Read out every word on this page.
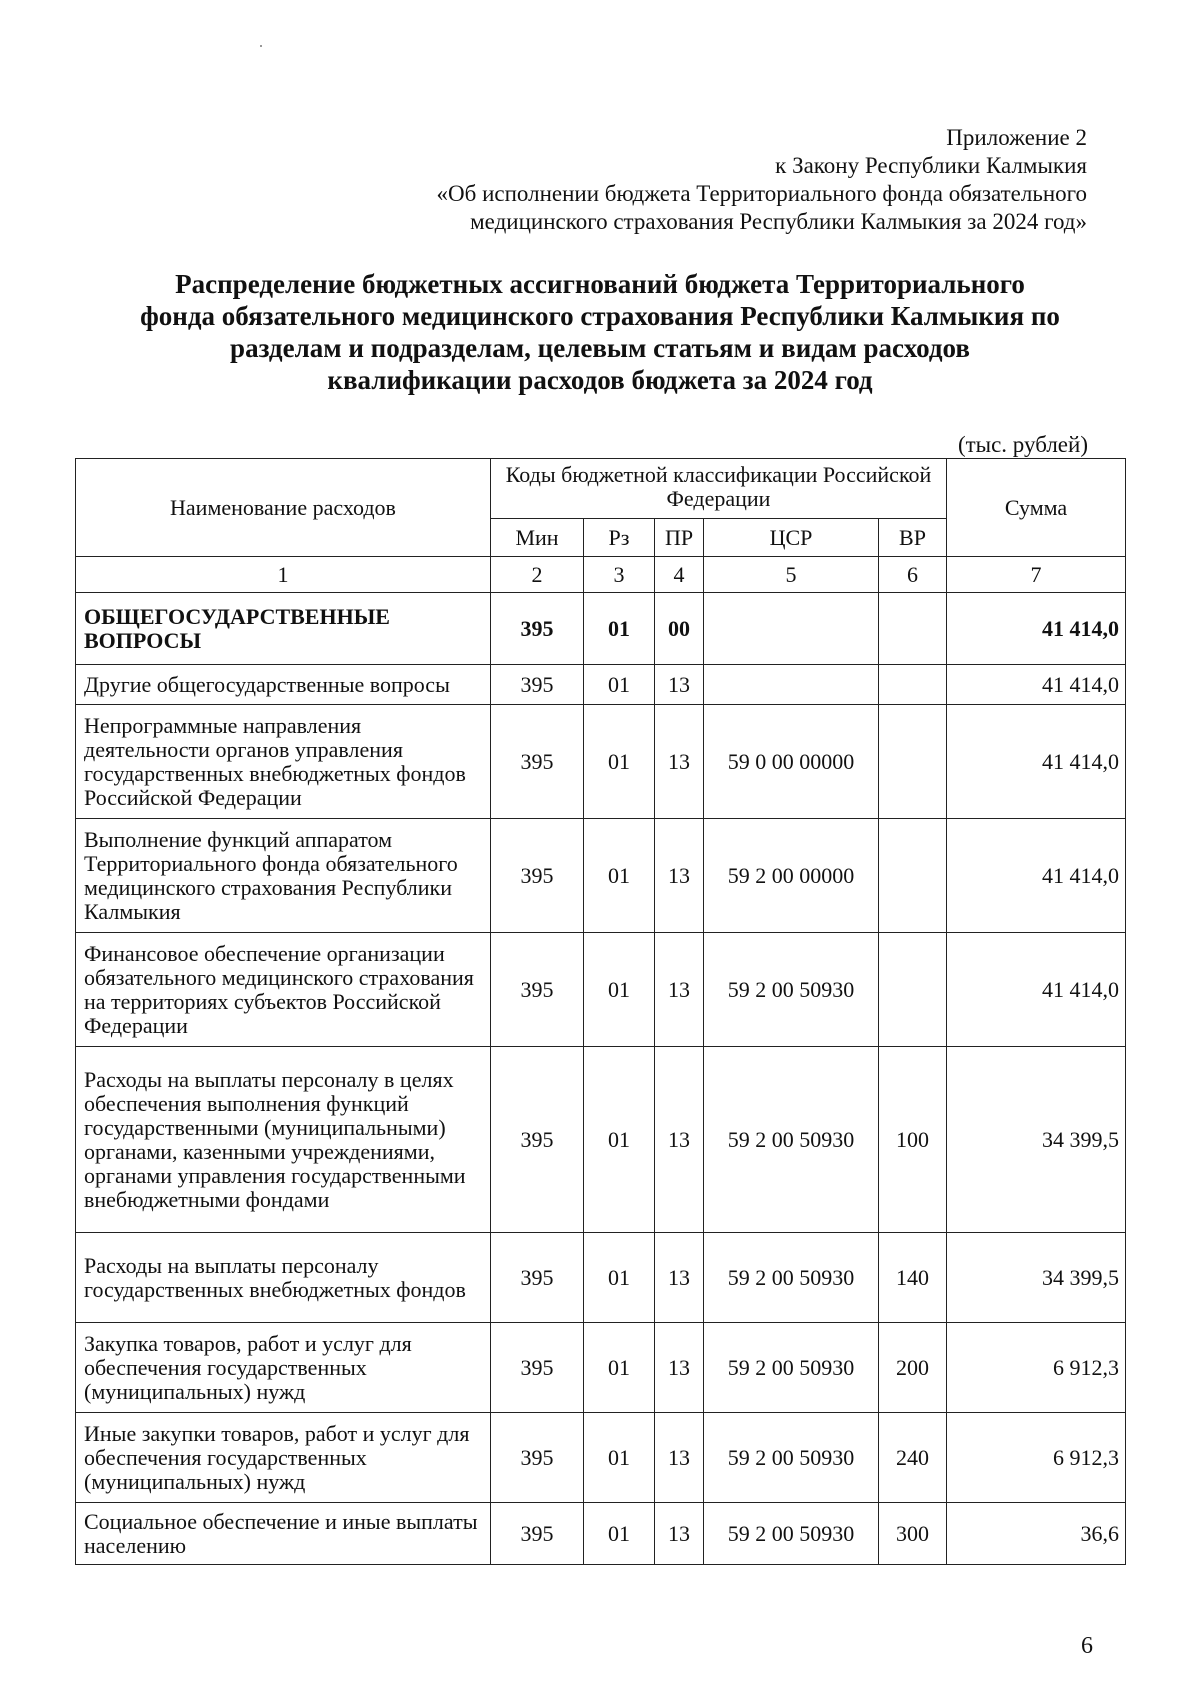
Приложение 2
к Закону Республики Калмыкия
«Об исполнении бюджета Территориального фонда обязательного
медицинского страхования Республики Калмыкия за 2024 год»
Распределение бюджетных ассигнований бюджета Территориального
фонда обязательного медицинского страхования Республики Калмыкия по
разделам и подразделам, целевым статьям и видам расходов
квалификации расходов бюджета за 2024 год
(тыс. рублей)
Наименование расходов	Коды бюджетной классификации Российской Федерации					Сумма
	Мин	Рз	ПР	ЦСР	ВР	
1	2	3	4	5	6	7
ОБЩЕГОСУДАРСТВЕННЫЕ ВОПРОСЫ	395	01	00			41 414,0
Другие общегосударственные вопросы	395	01	13			41 414,0
Непрограммные направления деятельности органов управления государственных внебюджетных фондов Российской Федерации	395	01	13	59 0 00 00000		41 414,0
Выполнение функций аппаратом Территориального фонда обязательного медицинского страхования Республики Калмыкия	395	01	13	59 2 00 00000		41 414,0
Финансовое обеспечение организации обязательного медицинского страхования на территориях субъектов Российской Федерации	395	01	13	59 2 00 50930		41 414,0
Расходы на выплаты персоналу в целях обеспечения выполнения функций государственными (муниципальными) органами, казенными учреждениями, органами управления государственными внебюджетными фондами	395	01	13	59 2 00 50930	100	34 399,5
Расходы на выплаты персоналу государственных внебюджетных фондов	395	01	13	59 2 00 50930	140	34 399,5
Закупка товаров, работ и услуг для обеспечения государственных (муниципальных) нужд	395	01	13	59 2 00 50930	200	6 912,3
Иные закупки товаров, работ и услуг для обеспечения государственных (муниципальных) нужд	395	01	13	59 2 00 50930	240	6 912,3
Социальное обеспечение и иные выплаты населению	395	01	13	59 2 00 50930	300	36,6
6
